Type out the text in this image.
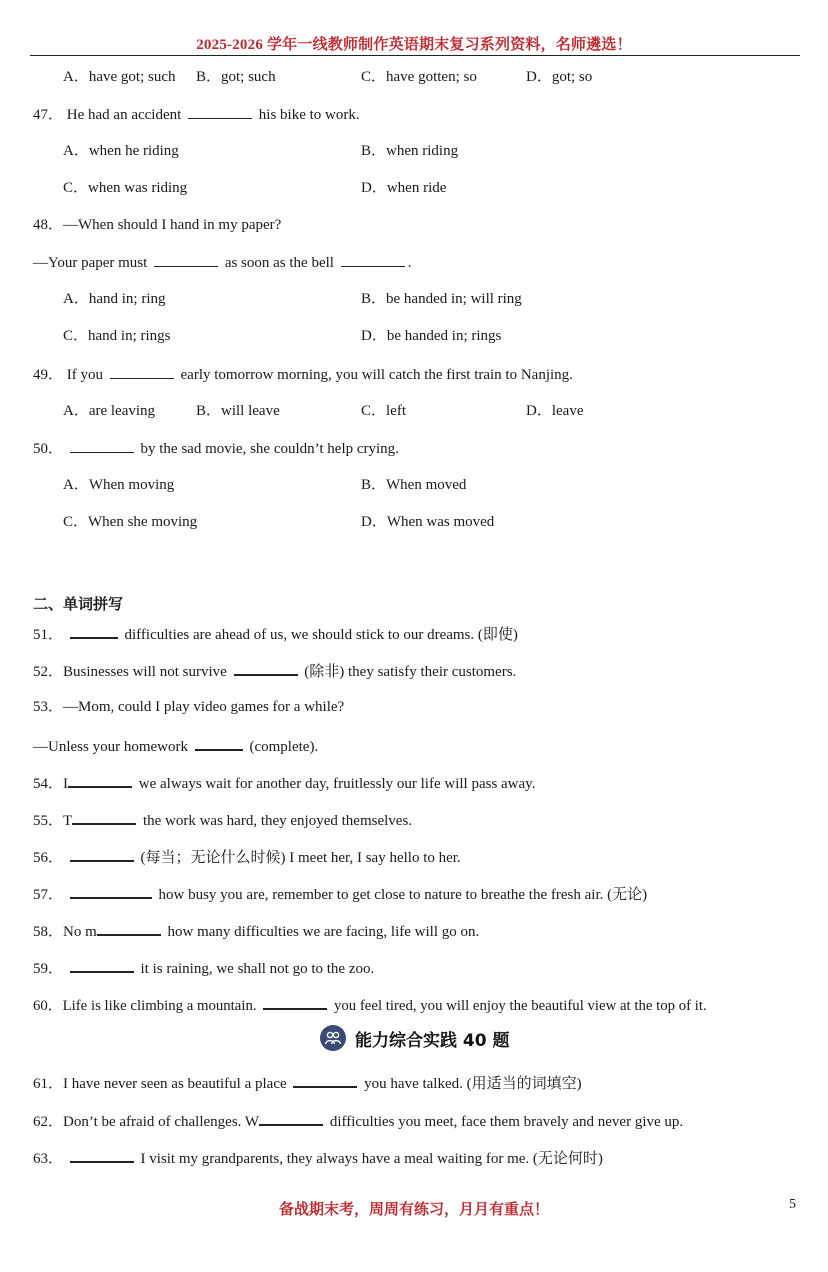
2025-2026 学年一线教师制作英语期末复习系列资料，名师遴选！
A．have got; such B．got; such	C．have gotten; so	D．got; so
47． He had an accident	his bike to work.
A．when he riding	B．when riding
C．when was riding	D．when ride
48．—When should I hand in my paper?
—Your paper must	as soon as the bell	.
A．hand in; ring	B．be handed in; will ring
C．hand in; rings	D．be handed in; rings
49． If you	early tomorrow morning, you will catch the first train to Nanjing.
A．are leaving	B．will leave	C．left	D．leave
50．	by the sad movie, she couldn’t help crying.
A．When moving	B．When moved
C．When she moving	D．When was moved
二、单词拼写
51．	difficulties are ahead of us, we should stick to our dreams. (即使)
52．Businesses will not survive	(除非) they satisfy their customers.
53．—Mom, could I play video games for a while?
—Unless your homework	(complete).
54．I	we always wait for another day, fruitlessly our life will pass away.
55．T	the work was hard, they enjoyed themselves.
56．	(每当；无论什么时候) I meet her, I say hello to her.
57．	how busy you are, remember to get close to nature to breathe the fresh air. (无论)
58．No m	how many difficulties we are facing, life will go on.
59．	it is raining, we shall not go to the zoo.
60．Life is like climbing a mountain.	you feel tired, you will enjoy the beautiful view at the top of it.
能力综合实践 40 题
61．I have never seen as beautiful a place	you have talked. (用适当的词填空)
62．Don’t be afraid of challenges. W	difficulties you meet, face them bravely and never give up.
63．	I visit my grandparents, they always have a meal waiting for me. (无论何时)
备战期末考，周周有练习，月月有重点！	5
